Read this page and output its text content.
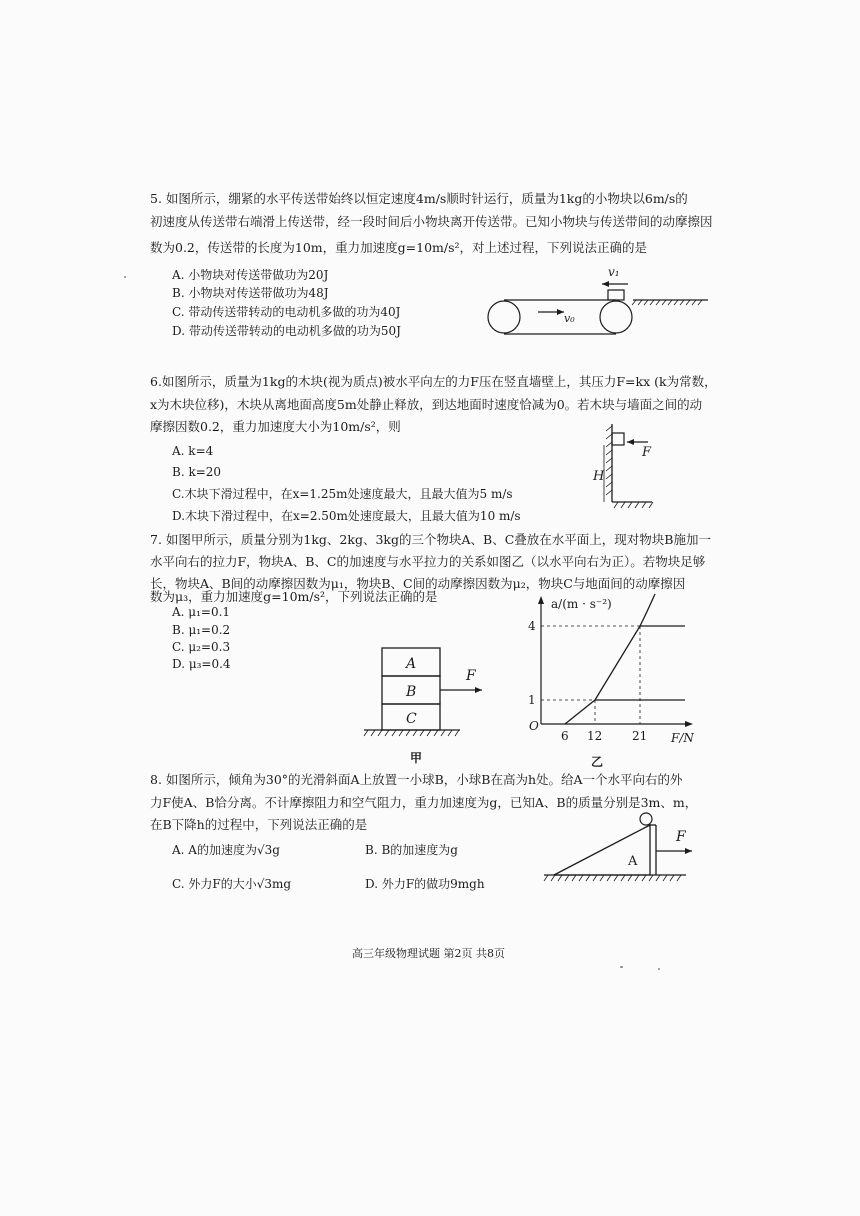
5. 如图所示，绷紧的水平传送带始终以恒定速度4m/s顺时针运行，质量为1kg的小物块以6m/s的
初速度从传送带右端滑上传送带，经一段时间后小物块离开传送带。已知小物块与传送带间的动摩擦因
数为0.2，传送带的长度为10m，重力加速度g=10m/s²，对上述过程，下列说法正确的是
A. 小物块对传送带做功为20J
B. 小物块对传送带做功为48J
C. 带动传送带转动的电动机多做的功为40J
D. 带动传送带转动的电动机多做的功为50J
v₁
v₀
6.如图所示，质量为1kg的木块(视为质点)被水平向左的力F压在竖直墙壁上，其压力F=kx (k为常数，
x为木块位移)，木块从离地面高度5m处静止释放，到达地面时速度恰减为0。若木块与墙面之间的动
摩擦因数0.2，重力加速度大小为10m/s²，则
A. k=4
B. k=20
C.木块下滑过程中，在x=1.25m处速度最大，且最大值为5 m/s
D.木块下滑过程中，在x=2.50m处速度最大，且最大值为10 m/s
F
H
7. 如图甲所示，质量分别为1kg、2kg、3kg的三个物块A、B、C叠放在水平面上，现对物块B施加一
水平向右的拉力F，物块A、B、C的加速度与水平拉力的关系如图乙（以水平向右为正）。若物块足够
长，物块A、B间的动摩擦因数为μ₁，物块B、C间的动摩擦因数为μ₂，物块C与地面间的动摩擦因
数为μ₃，重力加速度g=10m/s²，下列说法正确的是
A. μ₁=0.1
B. μ₁=0.2
C. μ₂=0.3
D. μ₃=0.4	A
B
C
F
甲
a/(m · s⁻²)
F/N
O
4
1
6 12 21
乙
8. 如图所示，倾角为30°的光滑斜面A上放置一小球B，小球B在高为h处。给A一个水平向右的外
力F使A、B恰分离。不计摩擦阻力和空气阻力，重力加速度为g，已知A、B的质量分别是3m、m，
在B下降h的过程中，下列说法正确的是
A. A的加速度为√3g	B. B的加速度为g
C. 外力F的大小√3mg	D. 外力F的做功9mgh
A
F
高三年级物理试题 第2页 共8页
